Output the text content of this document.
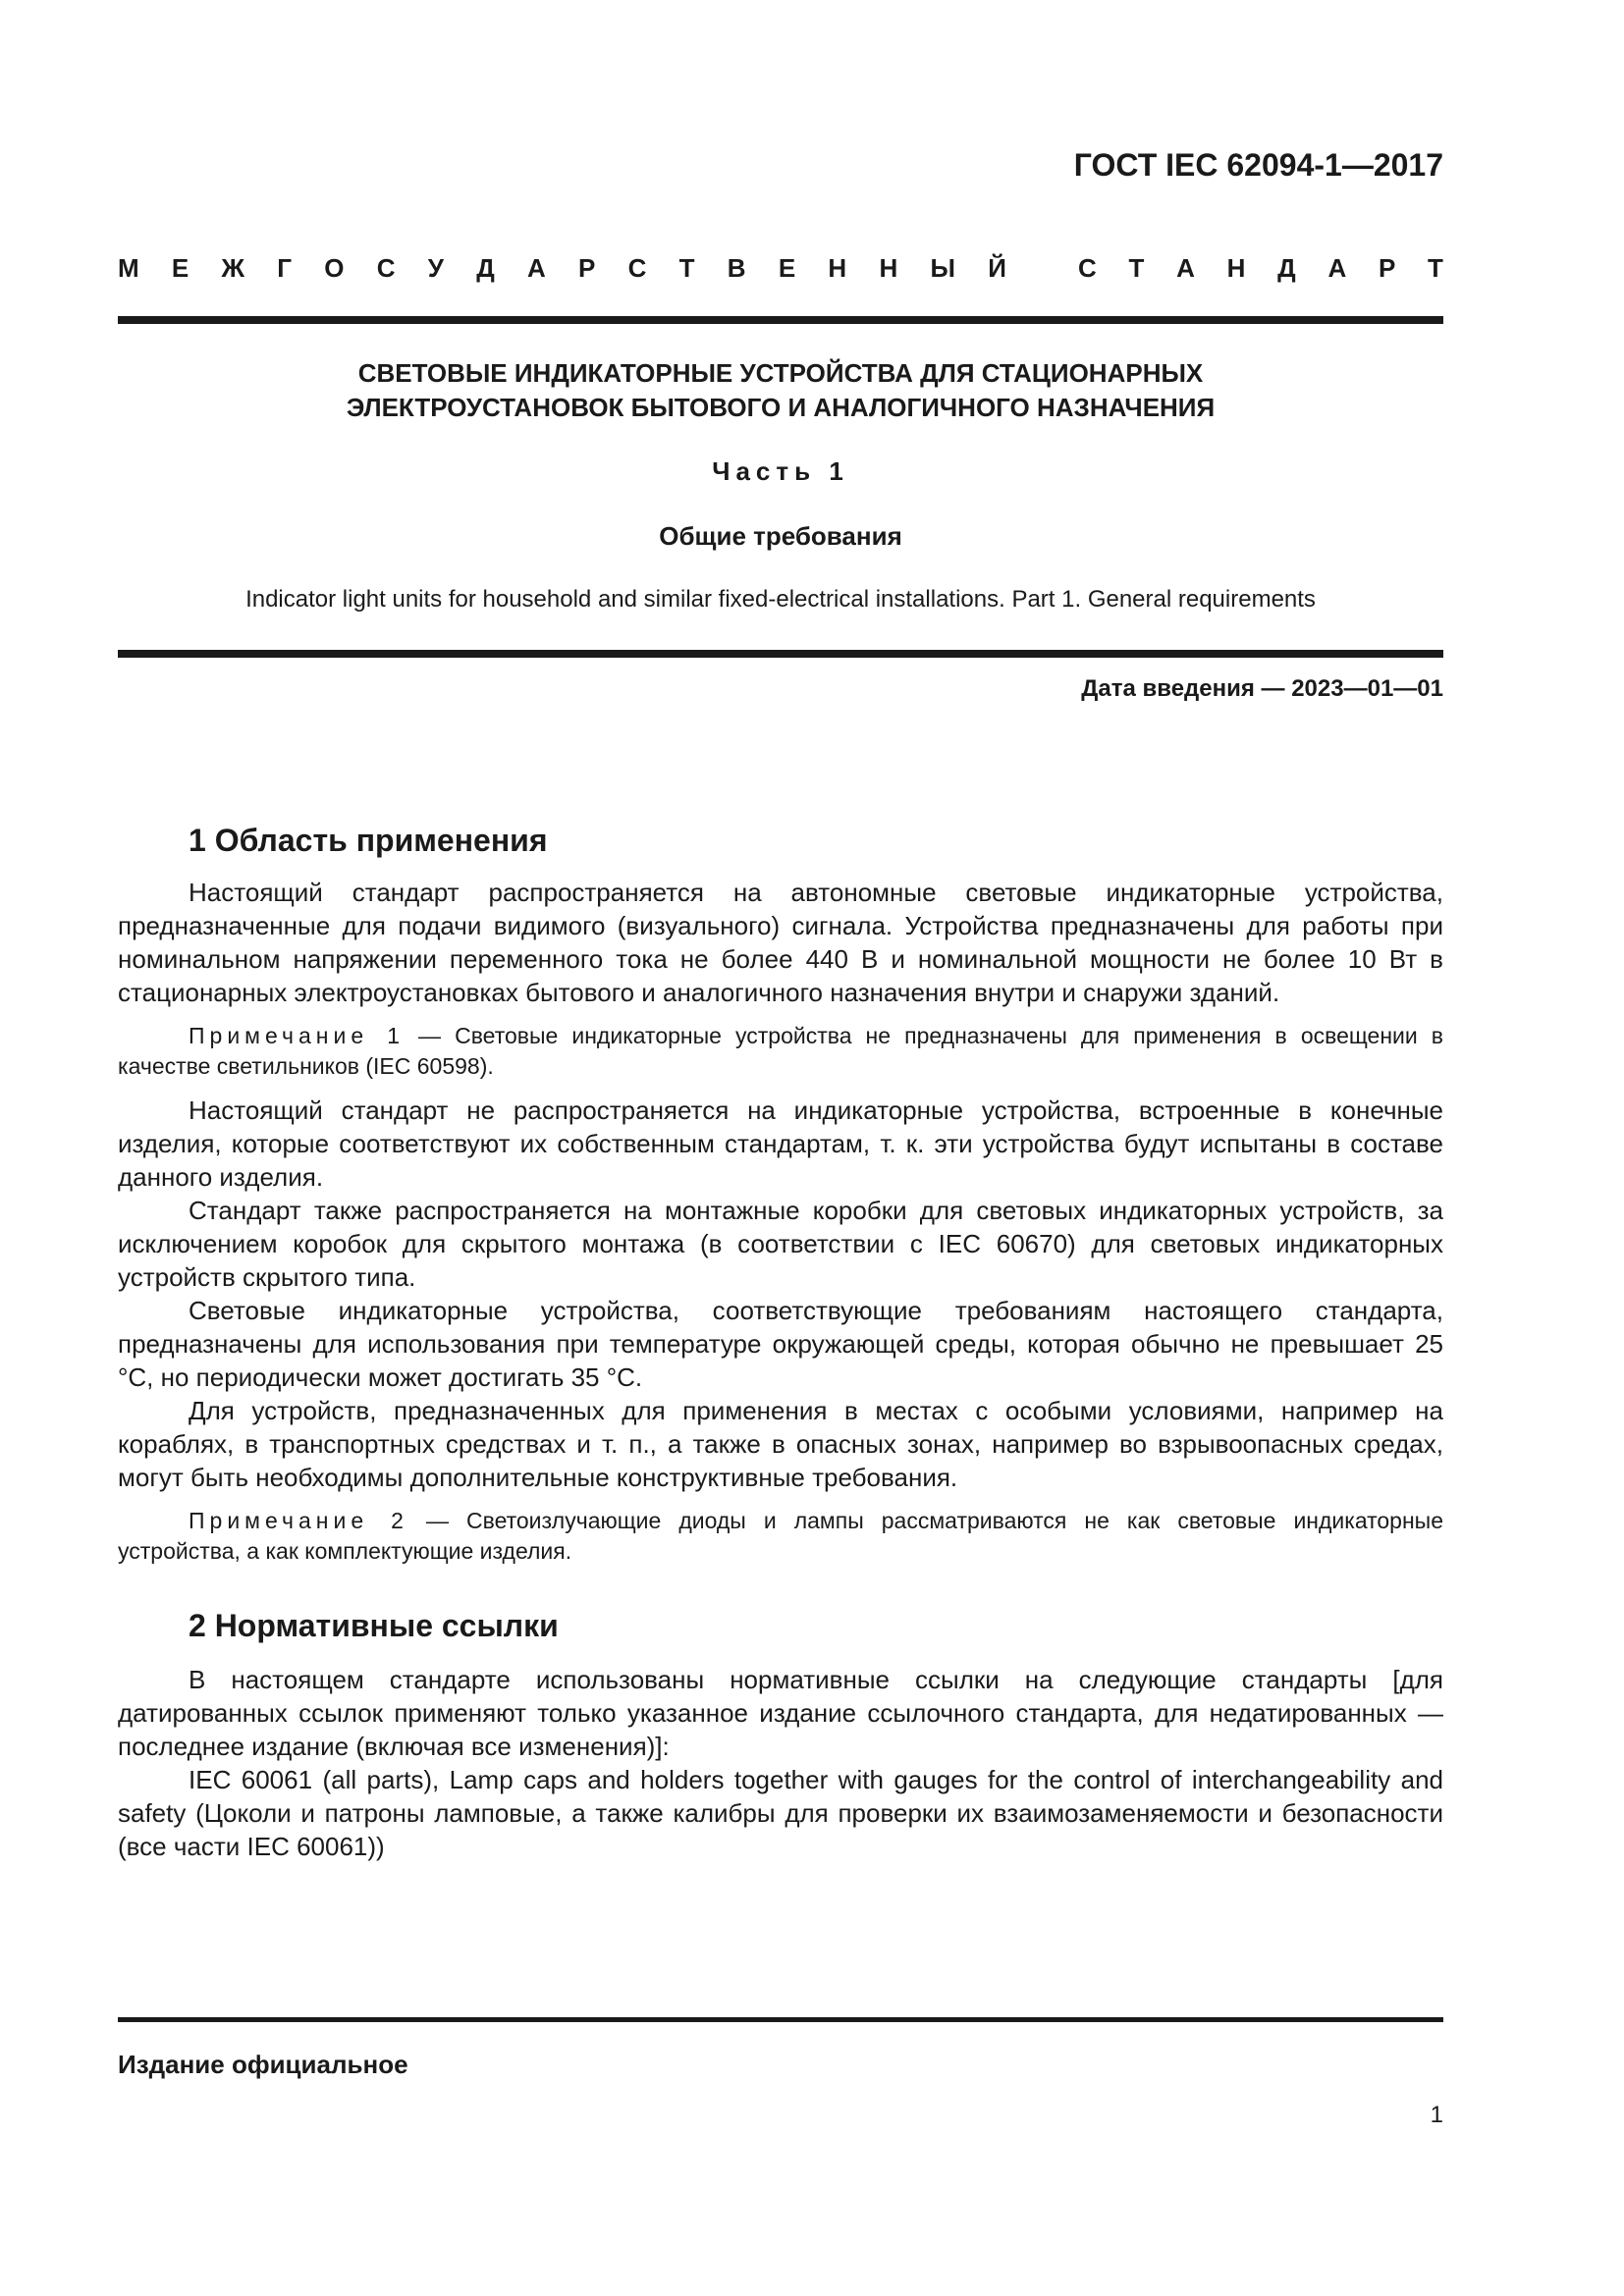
ГОСТ IEC 62094-1—2017
М Е Ж Г О С У Д А Р С Т В Е Н Н Ы Й	С Т А Н Д А Р Т

СВЕТОВЫЕ ИНДИКАТОРНЫЕ УСТРОЙСТВА ДЛЯ СТАЦИОНАРНЫХ

ЭЛЕКТРОУСТАНОВОК БЫТОВОГО И АНАЛОГИЧНОГО НАЗНАЧЕНИЯ

Часть 1

Общие требования

Indicator light units for household and similar fixed-electrical installations. Part 1. General requirements

Дата введения — 2023—01—01
1 Область применения

Настоящий стандарт распространяется на автономные световые индикаторные устройства, предназначенные для подачи видимого (визуального) сигнала. Устройства предназначены для работы при номинальном напряжении переменного тока не более 440 В и номинальной мощности не более 10 Вт в стационарных электроустановках бытового и аналогичного назначения внутри и снаружи зданий.

Примечание 1 — Световые индикаторные устройства не предназначены для применения в освещении в качестве светильников (IEC 60598).

Настоящий стандарт не распространяется на индикаторные устройства, встроенные в конечные изделия, которые соответствуют их собственным стандартам, т. к. эти устройства будут испытаны в составе данного изделия.

Стандарт также распространяется на монтажные коробки для световых индикаторных устройств, за исключением коробок для скрытого монтажа (в соответствии с IEC 60670) для световых индикаторных устройств скрытого типа.

Световые индикаторные устройства, соответствующие требованиям настоящего стандарта, предназначены для использования при температуре окружающей среды, которая обычно не превышает 25 °С, но периодически может достигать 35 °С.

Для устройств, предназначенных для применения в местах с особыми условиями, например на кораблях, в транспортных средствах и т. п., а также в опасных зонах, например во взрывоопасных средах, могут быть необходимы дополнительные конструктивные требования.

Примечание 2 — Светоизлучающие диоды и лампы рассматриваются не как световые индикаторные устройства, а как комплектующие изделия.

2 Нормативные ссылки

В настоящем стандарте использованы нормативные ссылки на следующие стандарты [для датированных ссылок применяют только указанное издание ссылочного стандарта, для недатированных — последнее издание (включая все изменения)]:

IEC 60061 (all parts), Lamp caps and holders together with gauges for the control of interchangeability and safety (Цоколи и патроны ламповые, а также калибры для проверки их взаимозаменяемости и безопасности (все части IEC 60061))

Издание официальное
1
